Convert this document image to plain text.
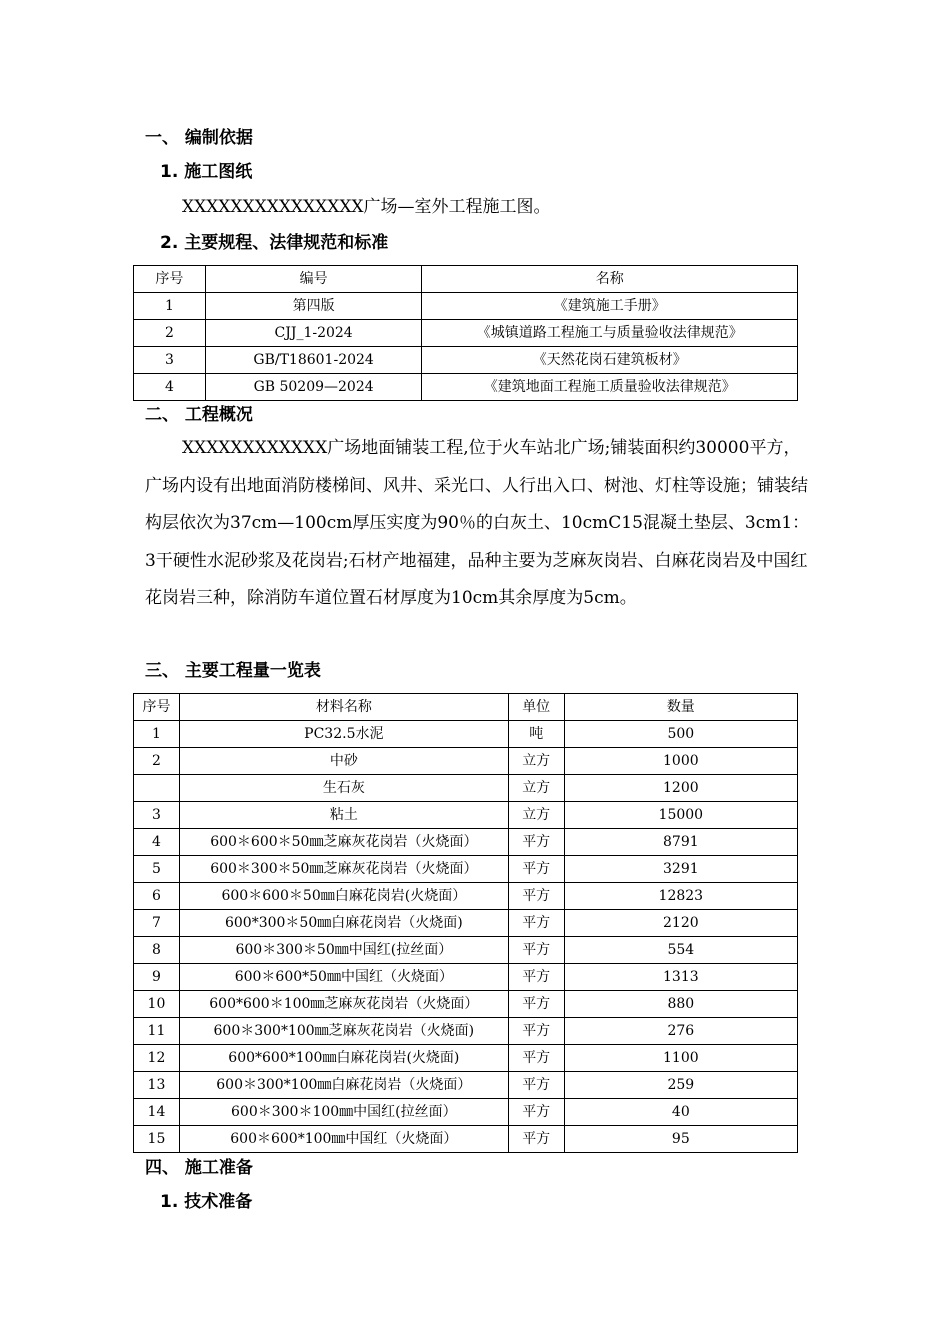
一、 编制依据
1. 施工图纸
XXXXXXXXXXXXXXX广场—室外工程施工图。
2. 主要规程、法律规范和标准
序号	编号	名称
1	第四版	《建筑施工手册》
2	CJJ_1-2024	《城镇道路工程施工与质量验收法律规范》
3	GB/T18601-2024	《天然花岗石建筑板材》
4	GB 50209—2024	《建筑地面工程施工质量验收法律规范》
二、 工程概况
XXXXXXXXXXXX广场地面铺装工程,位于火车站北广场;铺装面积约30000平方，广场内设有出地面消防楼梯间、风井、采光口、人行出入口、树池、灯柱等设施；铺装结构层依次为37cm—100cm厚压实度为90％的白灰土、10cmC15混凝土垫层、3cm1：3干硬性水泥砂浆及花岗岩;石材产地福建，品种主要为芝麻灰岗岩、白麻花岗岩及中国红花岗岩三种，除消防车道位置石材厚度为10cm其余厚度为5cm。
三、 主要工程量一览表
序号	材料名称	单位	数量
1	PC32.5水泥	吨	500
2	中砂	立方	1000
	生石灰	立方	1200
3	粘土	立方	15000
4	600＊600＊50㎜芝麻灰花岗岩（火烧面）	平方	8791
5	600＊300＊50㎜芝麻灰花岗岩（火烧面）	平方	3291
6	600＊600＊50㎜白麻花岗岩(火烧面）	平方	12823
7	600*300＊50㎜白麻花岗岩（火烧面)	平方	2120
8	600＊300＊50㎜中国红(拉丝面）	平方	554
9	600＊600*50㎜中国红（火烧面）	平方	1313
10	600*600＊100㎜芝麻灰花岗岩（火烧面）	平方	880
11	600＊300*100㎜芝麻灰花岗岩（火烧面)	平方	276
12	600*600*100㎜白麻花岗岩(火烧面)	平方	1100
13	600＊300*100㎜白麻花岗岩（火烧面）	平方	259
14	600＊300＊100㎜中国红(拉丝面）	平方	40
15	600＊600*100㎜中国红（火烧面）	平方	95
四、 施工准备
1. 技术准备
